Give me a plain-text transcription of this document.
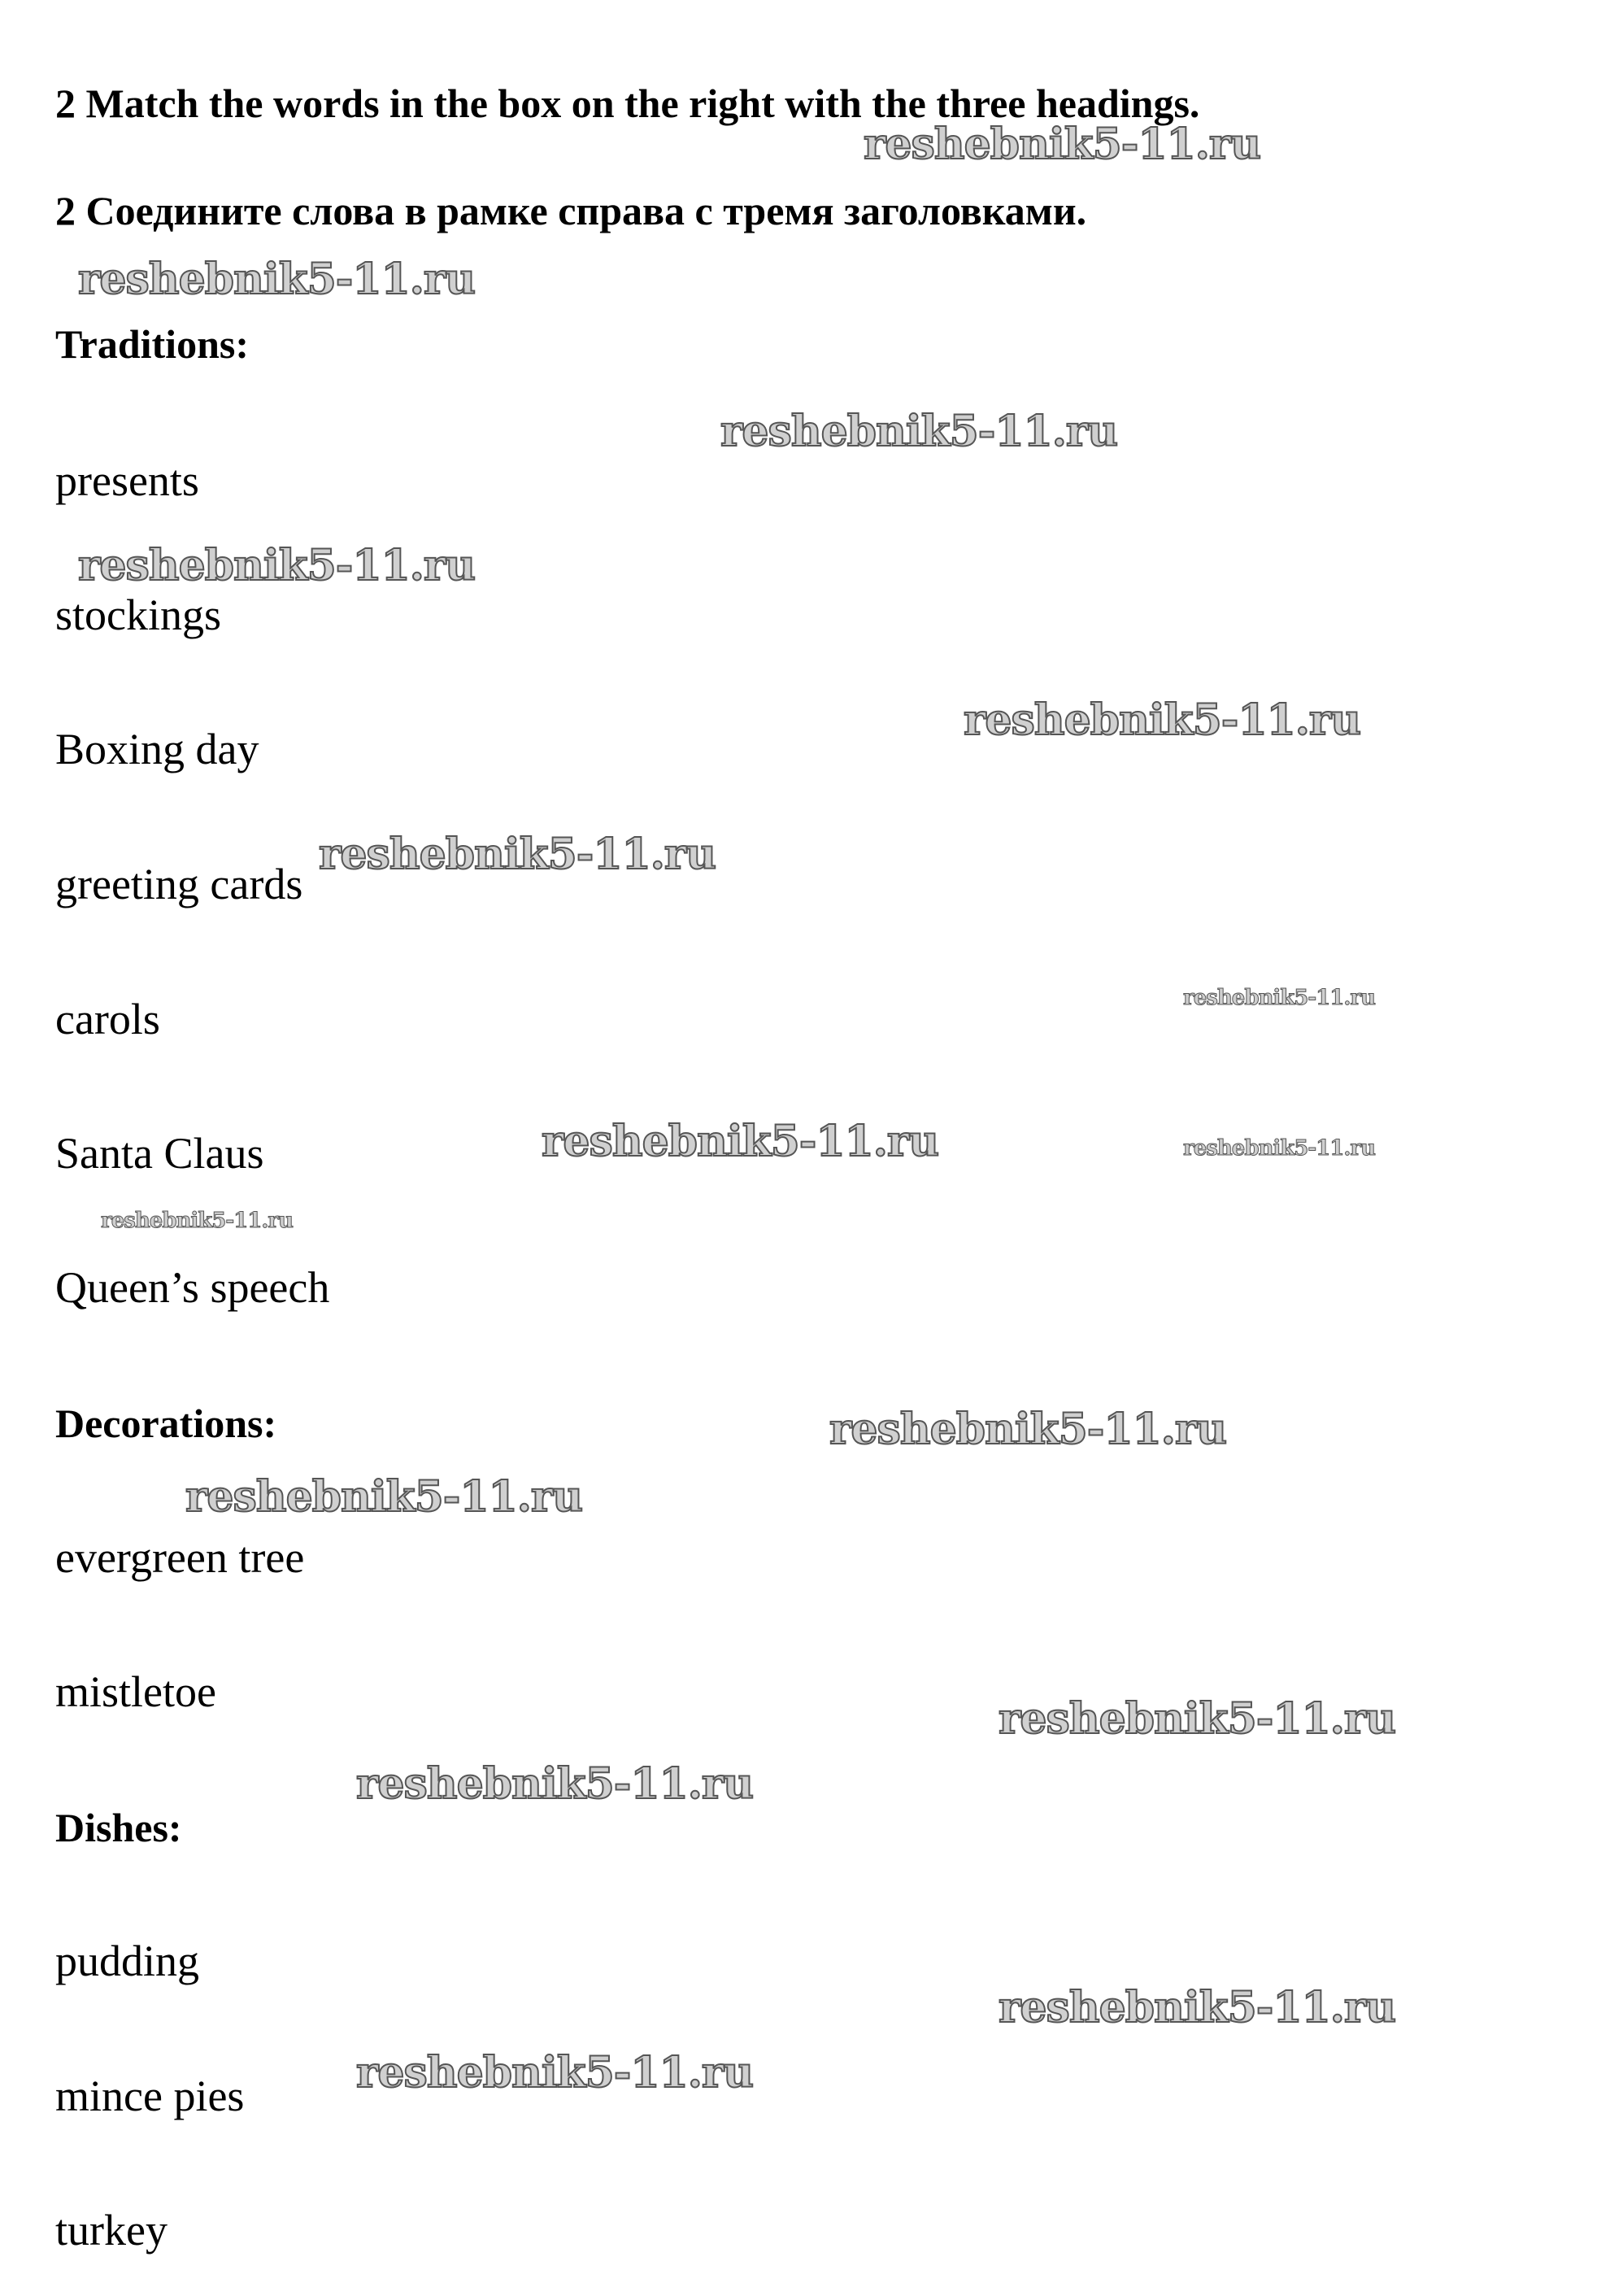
2 Match the words in the box on the right with the three headings.
2 Соедините слова в рамке справа с тремя заголовками.
Traditions:
presents
stockings
Boxing day
greeting cards
carols
Santa Claus
Queen’s speech
Decorations:
evergreen tree
mistletoe
Dishes:
pudding
mince pies
turkey
reshebnik5-11.ru
reshebnik5-11.ru
reshebnik5-11.ru
reshebnik5-11.ru
reshebnik5-11.ru
reshebnik5-11.ru
reshebnik5-11.ru
reshebnik5-11.ru	reshebnik5-11.ru
reshebnik5-11.ru
reshebnik5-11.ru
reshebnik5-11.ru
reshebnik5-11.ru
reshebnik5-11.ru
reshebnik5-11.ru
reshebnik5-11.ru
